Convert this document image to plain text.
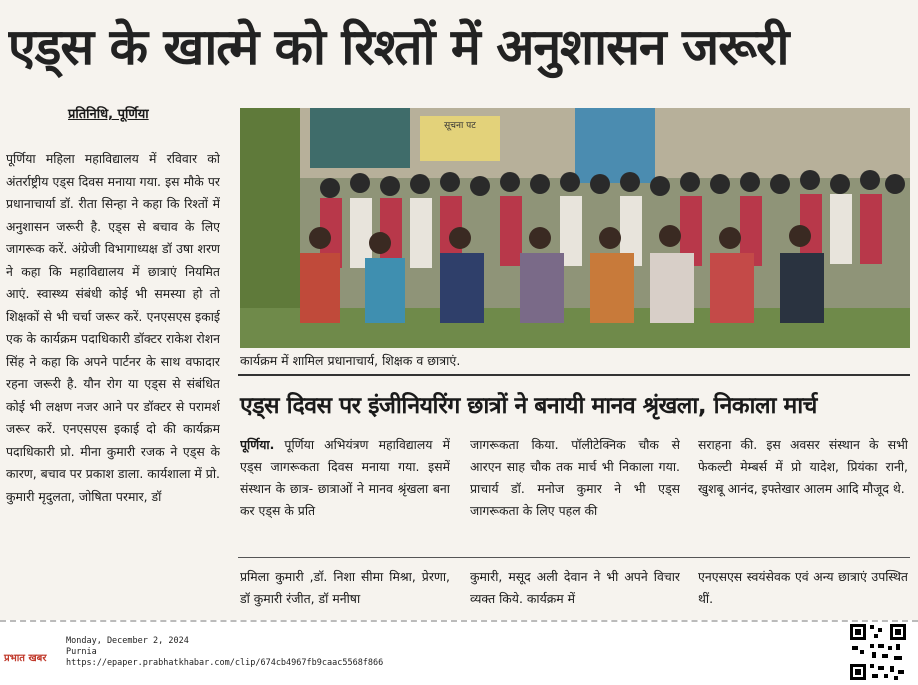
एड्स के खात्मे को रिश्तों में अनुशासन जरूरी
प्रतिनिधि, पूर्णिया
पूर्णिया महिला महाविद्यालय में रविवार को अंतर्राष्ट्रीय एड्स दिवस मनाया गया. इस मौके पर प्रधानाचार्या डॉ. रीता सिन्हा ने कहा कि रिश्तों में अनुशासन जरूरी है. एड्स से बचाव के लिए जागरूक करें. अंग्रेजी विभागाध्यक्ष डॉ उषा शरण ने कहा कि महाविद्यालय में छात्राएं नियमित आएं. स्वास्थ्य संबंधी कोई भी समस्या हो तो शिक्षकों से भी चर्चा जरूर करें. एनएसएस इकाई एक के कार्यक्रम पदाधिकारी डॉक्टर राकेश रोशन सिंह ने कहा कि अपने पार्टनर के साथ वफादार रहना जरूरी है. यौन रोग या एड्स से संबंधित कोई भी लक्षण नजर आने पर डॉक्टर से परामर्श जरूर करें. एनएसएस इकाई दो की कार्यक्रम पदाधिकारी प्रो. मीना कुमारी रजक ने एड्स के कारण, बचाव पर प्रकाश डाला. कार्यशाला में प्रो. कुमारी मृदुलता, जोषिता परमार, डॉ
सूचना पट
कार्यक्रम में शामिल प्रधानाचार्य, शिक्षक व छात्राएं.
एड्स दिवस पर इंजीनियरिंग छात्रों ने बनायी मानव श्रृंखला, निकाला मार्च
पूर्णिया. पूर्णिया अभियंत्रण महाविद्यालय में एड्स जागरूकता दिवस मनाया गया. इसमें संस्थान के छात्र- छात्राओं ने मानव श्रृंखला बना कर एड्स के प्रति
जागरूकता किया. पॉलीटेक्निक चौक से आरएन साह चौक तक मार्च भी निकाला गया. प्राचार्य डॉ. मनोज कुमार ने भी एड्स जागरूकता के लिए पहल की
सराहना की. इस अवसर संस्थान के सभी फेकल्टी मेम्बर्स में प्रो यादेश, प्रियंका रानी, खुशबू आनंद, इफ्तेखार आलम आदि मौजूद थे.
प्रमिला कुमारी ,डॉ. निशा सीमा मिश्रा, प्रेरणा, डॉ कुमारी रंजीत, डॉ मनीषा
कुमारी, मसूद अली देवान ने भी अपने विचार व्यक्त किये. कार्यक्रम में
एनएसएस स्वयंसेवक एवं अन्य छात्राएं उपस्थित थीं.
प्रभात खबर
Monday, December 2, 2024
Purnia
https://epaper.prabhatkhabar.com/clip/674cb4967fb9caac5568f866
